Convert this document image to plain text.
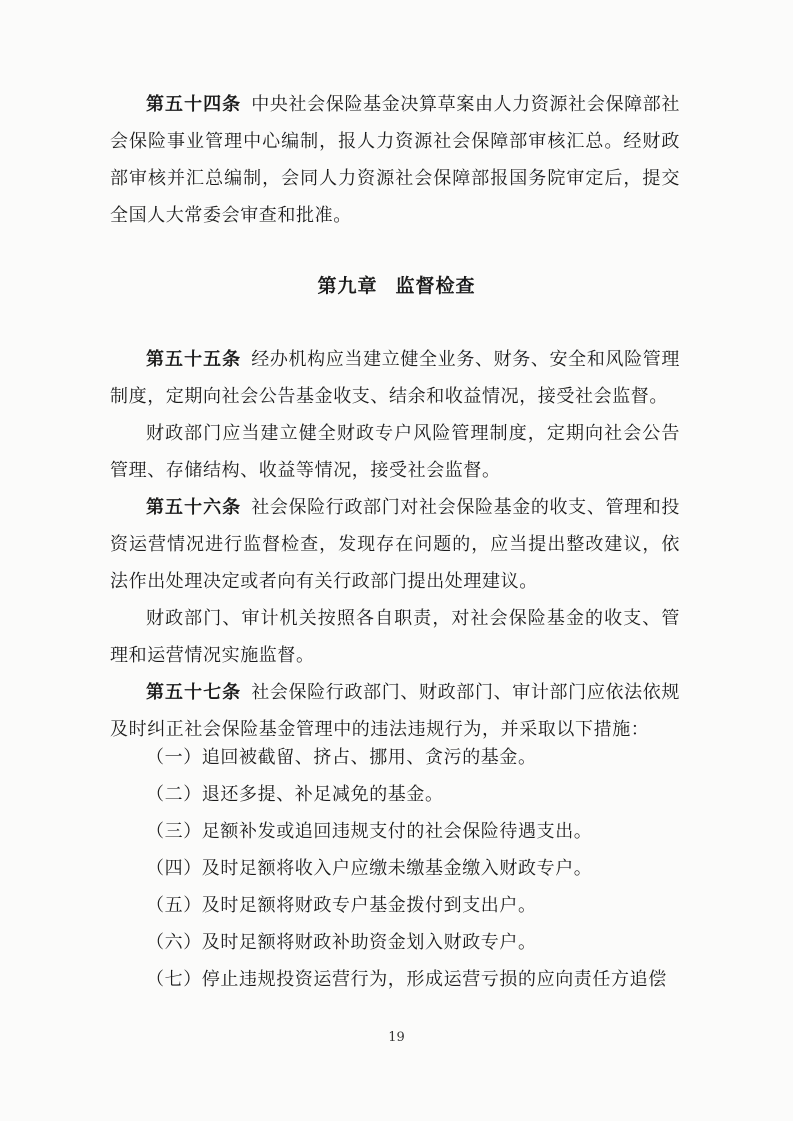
第五十四条 中央社会保险基金决算草案由人力资源社会保障部社会保险事业管理中心编制，报人力资源社会保障部审核汇总。经财政部审核并汇总编制，会同人力资源社会保障部报国务院审定后，提交全国人大常委会审查和批准。

第九章 监督检查

第五十五条 经办机构应当建立健全业务、财务、安全和风险管理制度，定期向社会公告基金收支、结余和收益情况，接受社会监督。

财政部门应当建立健全财政专户风险管理制度，定期向社会公告管理、存储结构、收益等情况，接受社会监督。

第五十六条 社会保险行政部门对社会保险基金的收支、管理和投资运营情况进行监督检查，发现存在问题的，应当提出整改建议，依法作出处理决定或者向有关行政部门提出处理建议。

财政部门、审计机关按照各自职责，对社会保险基金的收支、管理和运营情况实施监督。

第五十七条 社会保险行政部门、财政部门、审计部门应依法依规及时纠正社会保险基金管理中的违法违规行为，并采取以下措施：

（一）追回被截留、挤占、挪用、贪污的基金。

（二）退还多提、补足减免的基金。

（三）足额补发或追回违规支付的社会保险待遇支出。

（四）及时足额将收入户应缴未缴基金缴入财政专户。

（五）及时足额将财政专户基金拨付到支出户。

（六）及时足额将财政补助资金划入财政专户。

（七）停止违规投资运营行为，形成运营亏损的应向责任方追偿

19
